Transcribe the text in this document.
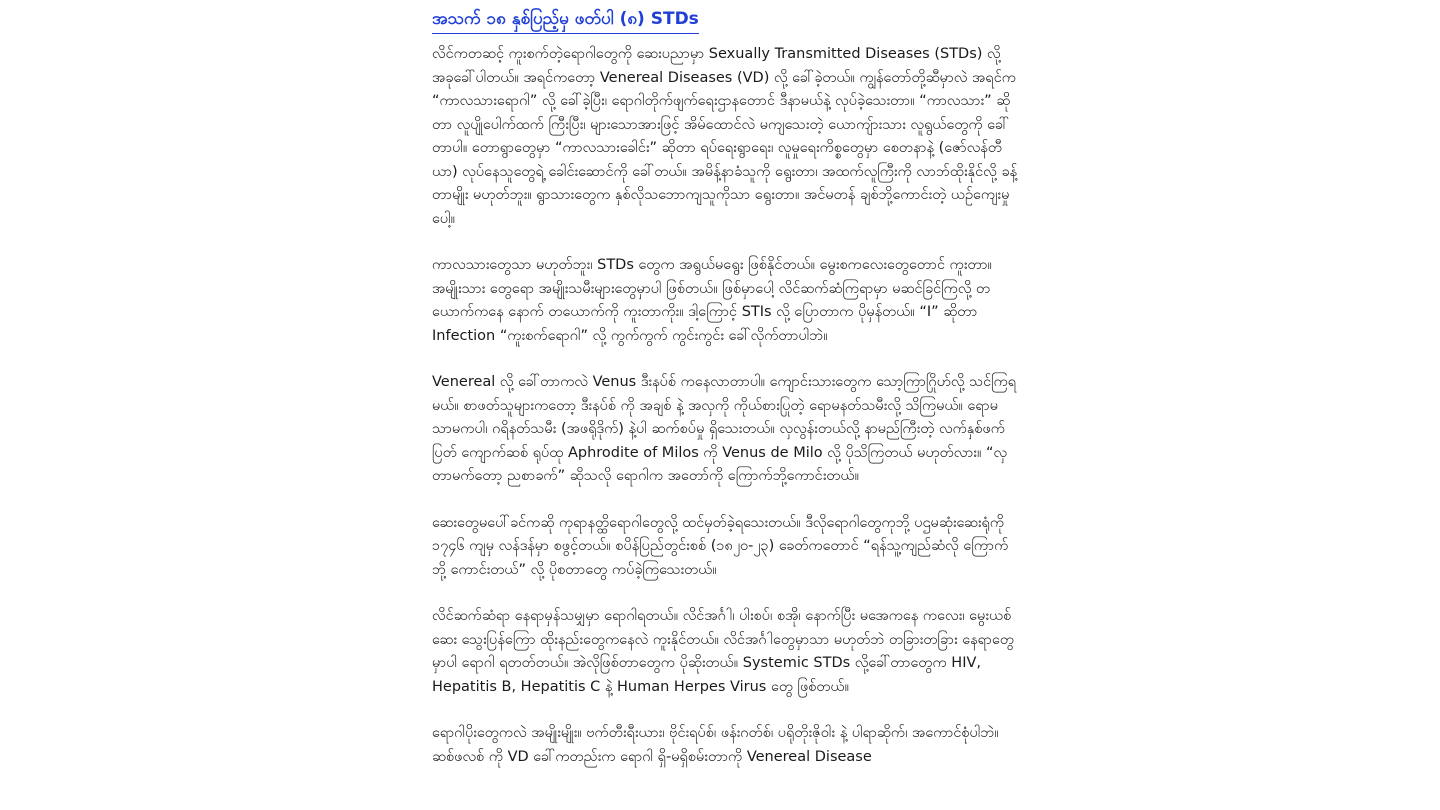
အသက် ၁၈ နှစ်ပြည့်မှ ဖတ်ပါ (၈) STDs

လိင်ကတဆင့် ကူးစက်တဲ့ရောဂါတွေကို ဆေးပညာမှာ Sexually Transmitted Diseases (STDs) လို့ အခုခေါ်ပါတယ်။ အရင်ကတော့ Venereal Diseases (VD) လို့ ခေါ်ခဲ့တယ်။ ကျွန်တော်တို့ဆီမှာလဲ အရင်က “ကာလသားရောဂါ” လို့ ခေါ်ခဲ့ပြီး၊ ရောဂါတိုက်ဖျက်ရေးဌာနတောင် ဒီနာမယ်နဲ့ လုပ်ခဲ့သေးတာ။ “ကာလသား” ဆိုတာ လူပျိုပေါက်ထက် ကြီးပြီး၊ များသောအားဖြင့် အိမ်ထောင်လဲ မကျသေးတဲ့ ယောကျ်ားသား လူရွယ်တွေကို ခေါ်တာပါ။ တောရွာတွေမှာ “ကာလသားခေါင်း” ဆိုတာ ရပ်ရေးရွာရေး၊ လူမှုရေးကိစ္စတွေမှာ စေတနာနဲ့ (ဇော်လန်တီယာ) လုပ်နေသူတွေရဲ့ ခေါင်းဆောင်ကို ခေါ်တယ်။ အမိန့်နာခံသူကို ရွေးတာ၊ အထက်လူကြီးကို လာဘ်ထိုးနိုင်လို့ ခန့်တာမျိုး မဟုတ်ဘူး။ ရွာသားတွေက နှစ်လိုသဘောကျသူကိုသာ ရွေးတာ။ အင်မတန် ချစ်ဘို့ကောင်းတဲ့ ယဉ်ကျေးမှုပေါ့။

ကာလသားတွေသာ မဟုတ်ဘူး၊ STDs တွေက အရွယ်မရွေး ဖြစ်နိုင်တယ်။ မွေးစကလေးတွေတောင် ကူးတာ။ အမျိုးသား တွေရော အမျိုးသမီးများတွေမှာပါ ဖြစ်တယ်။ ဖြစ်မှာပေါ့ လိင်ဆက်ဆံကြရာမှာ မဆင်ခြင်ကြလို့ တယောက်ကနေ နောက် တယောက်ကို ကူးတာကိုး။ ဒါ့ကြောင့် STIs လို့ ပြောတာက ပိုမှန်တယ်။ “I” ဆိုတာ Infection “ကူးစက်ရောဂါ” လို့ ကွက်ကွက် ကွင်းကွင်း ခေါ်လိုက်တာပါဘဲ။

Venereal လို့ ခေါ်တာကလဲ Venus ဒီးနပ်စ် ကနေလာတာပါ။ ကျောင်းသားတွေက သော့ကြာဂြိုဟ်လို့ သင်ကြရမယ်။ စာဖတ်သူများကတော့ ဒီးနပ်စ် ကို အချစ် နဲ့ အလှကို ကိုယ်စားပြုတဲ့ ရောမနတ်သမီးလို့ သိကြမယ်။ ရောမ သာမကပါ၊ ဂရိနတ်သမီး (အဖရိုဒိုက်) နဲ့ပါ ဆက်စပ်မှု ရှိသေးတယ်။ လှလွန်းတယ်လို့ နာမည်ကြီးတဲ့ လက်နှစ်ဖက်ပြတ် ကျောက်ဆစ် ရုပ်ထု Aphrodite of Milos ကို Venus de Milo လို့ ပိုသိကြတယ် မဟုတ်လား။ “လှတာမက်တော့ ညစာခက်” ဆိုသလို ရောဂါက အတော်ကို ကြောက်ဘို့ကောင်းတယ်။

ဆေးတွေမပေါ်ခင်ကဆို ကုရာနတ္ထိရောဂါတွေလို့ ထင်မှတ်ခဲ့ရသေးတယ်။ ဒီလိုရောဂါတွေကုဘို့ ပဌမဆုံးဆေးရုံကို ၁၇၄၆ ကျမှ လန်ဒန်မှာ စဖွင့်တယ်။ စပိန်ပြည်တွင်းစစ် (၁၈၂၀-၂၃) ခေတ်ကတောင် “ရန်သူ့ကျည်ဆံလို ကြောက်ဘို့ ကောင်းတယ်” လို့ ပိုစတာတွေ ကပ်ခဲ့ကြသေးတယ်။

လိင်ဆက်ဆံရာ နေရာမှန်သမျှမှာ ရောဂါရတယ်။ လိင်အင်္ဂါ၊ ပါးစပ်၊ စအို၊ နောက်ပြီး မအေကနေ ကလေး၊ မွေးယစ်ဆေး သွေးပြန်ကြော ထိုးနည်းတွေကနေလဲ ကူးနိုင်တယ်။ လိင်အင်္ဂါတွေမှာသာ မဟုတ်ဘဲ တခြားတခြား နေရာတွေမှာပါ ရောဂါ ရတတ်တယ်။ အဲလိုဖြစ်တာတွေက ပိုဆိုးတယ်။ Systemic STDs လို့ခေါ်တာတွေက HIV, Hepatitis B, Hepatitis C နဲ့ Human Herpes Virus တွေ ဖြစ်တယ်။

ရောဂါပိုးတွေကလဲ အမျိုးမျိုး။ ဗက်တီးရီးယား၊ ဗိုင်းရပ်စ်၊ ဖန်းဂတ်စ်၊ ပရိုတိုးဇိုဝါး နဲ့ ပါရာဆိုက်၊ အကောင်စုံပါဘဲ။ ဆစ်ဖလစ် ကို VD ခေါ်ကတည်းက ရောဂါ ရှိ-မရှိစမ်းတာကို Venereal Disease
